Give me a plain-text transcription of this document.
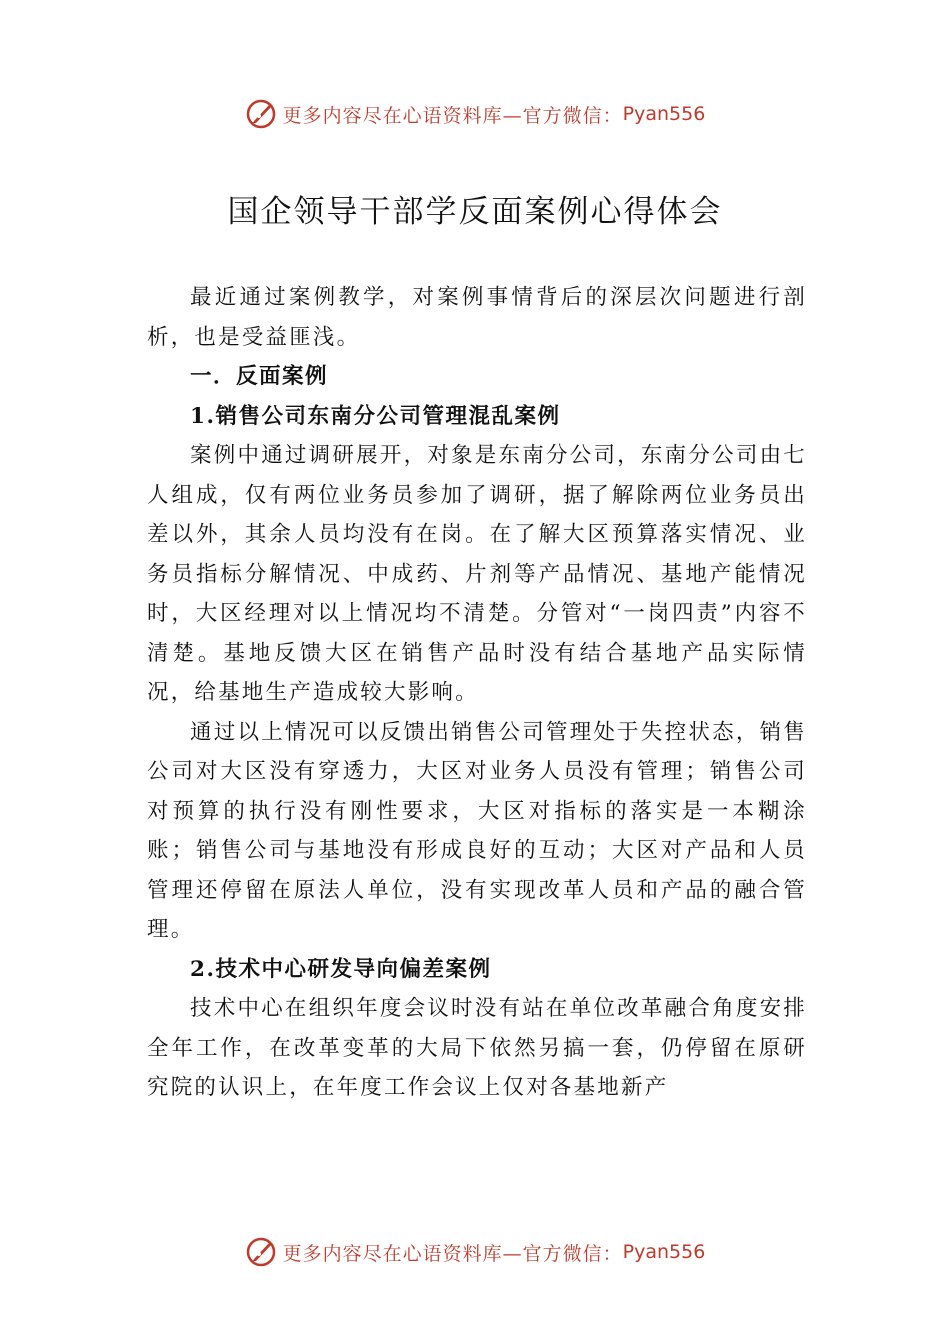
更多内容尽在心语资料库—官方微信： Pyan556
国企领导干部学反面案例心得体会

最近通过案例教学，对案例事情背后的深层次问题进行剖析，也是受益匪浅。

一．反面案例
1.销售公司东南分公司管理混乱案例

案例中通过调研展开，对象是东南分公司，东南分公司由七人组成，仅有两位业务员参加了调研，据了解除两位业务员出差以外，其余人员均没有在岗。在了解大区预算落实情况、业务员指标分解情况、中成药、片剂等产品情况、基地产能情况时，大区经理对以上情况均不清楚。分管对“一岗四责”内容不清楚。基地反馈大区在销售产品时没有结合基地产品实际情况，给基地生产造成较大影响。

通过以上情况可以反馈出销售公司管理处于失控状态，销售公司对大区没有穿透力，大区对业务人员没有管理；销售公司对预算的执行没有刚性要求，大区对指标的落实是一本糊涂账；销售公司与基地没有形成良好的互动；大区对产品和人员管理还停留在原法人单位，没有实现改革人员和产品的融合管理。

2.技术中心研发导向偏差案例

技术中心在组织年度会议时没有站在单位改革融合角度安排全年工作，在改革变革的大局下依然另搞一套，仍停留在原研究院的认识上，在年度工作会议上仅对各基地新产

更多内容尽在心语资料库—官方微信： Pyan556
